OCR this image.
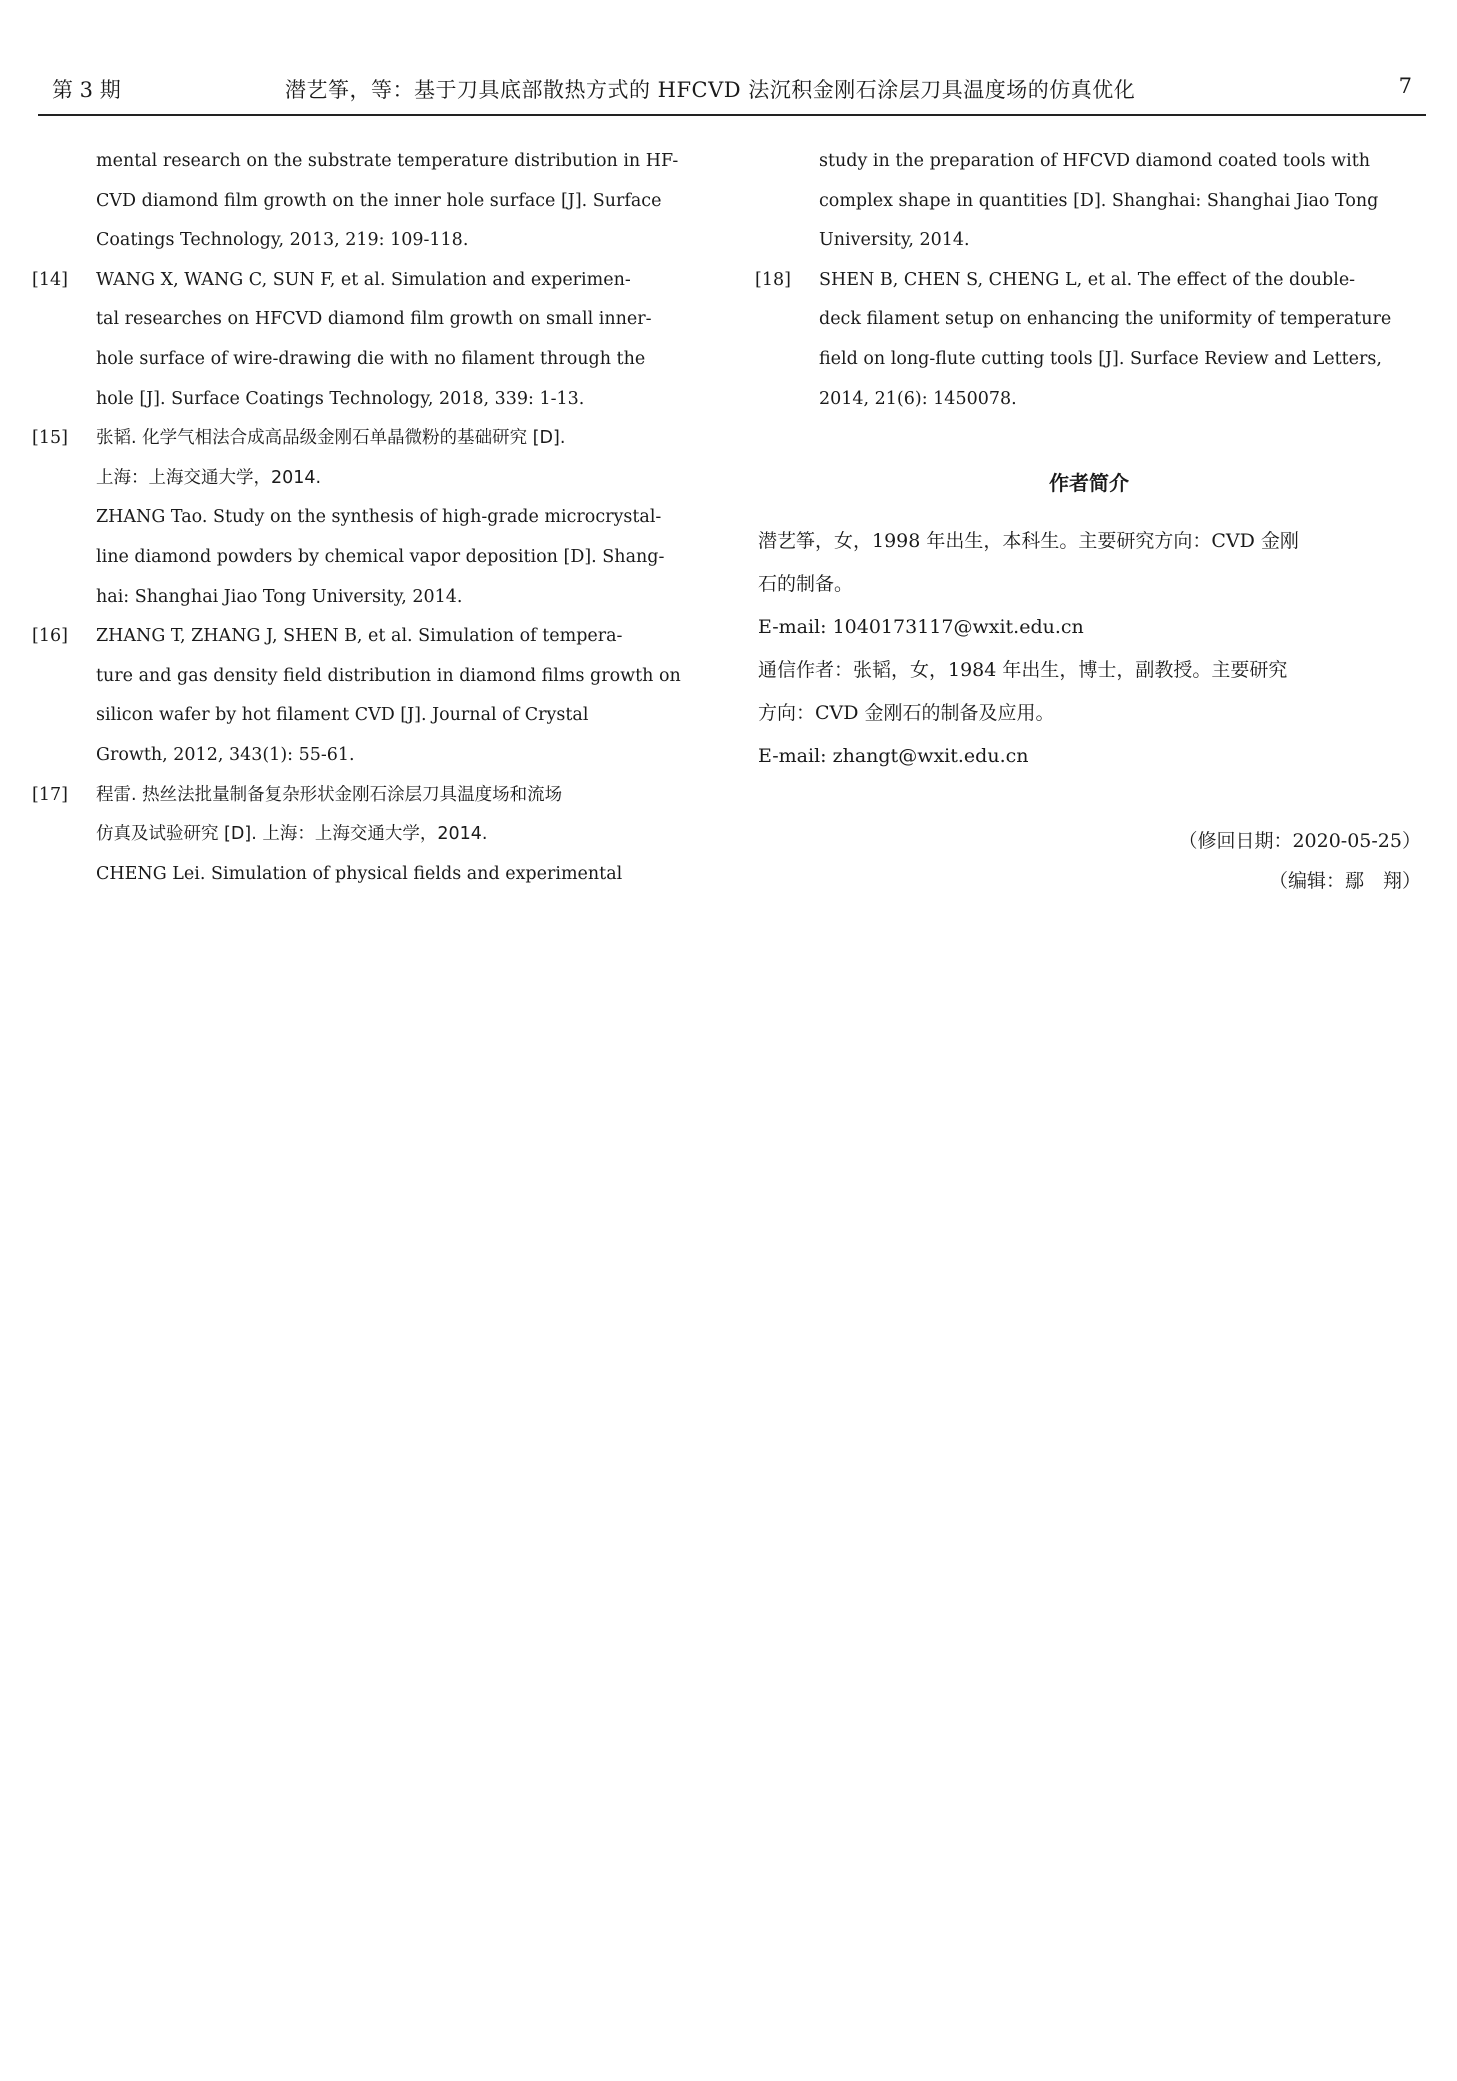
第 3 期	潜艺筝，等：基于刀具底部散热方式的 HFCVD 法沉积金刚石涂层刀具温度场的仿真优化	7

mental research on the substrate temperature distribution in HF-

CVD diamond film growth on the inner hole surface [J]. Surface

Coatings Technology, 2013, 219: 109-118.

[14] WANG X, WANG C, SUN F, et al. Simulation and experimen-

tal researches on HFCVD diamond film growth on small inner-

hole surface of wire-drawing die with no filament through the

hole [J]. Surface Coatings Technology, 2018, 339: 1-13.

[15] 张韬. 化学气相法合成高品级金刚石单晶微粉的基础研究 [D].

上海：上海交通大学，2014.

ZHANG Tao. Study on the synthesis of high-grade microcrystal-

line diamond powders by chemical vapor deposition [D]. Shang-

hai: Shanghai Jiao Tong University, 2014.

[16] ZHANG T, ZHANG J, SHEN B, et al. Simulation of tempera-

ture and gas density field distribution in diamond films growth on

silicon wafer by hot filament CVD [J]. Journal of Crystal

Growth, 2012, 343(1): 55-61.

[17] 程雷. 热丝法批量制备复杂形状金刚石涂层刀具温度场和流场

仿真及试验研究 [D]. 上海：上海交通大学，2014.

CHENG Lei. Simulation of physical fields and experimental

study in the preparation of HFCVD diamond coated tools with

complex shape in quantities [D]. Shanghai: Shanghai Jiao Tong

University, 2014.

[18] SHEN B, CHEN S, CHENG L, et al. The effect of the double-

deck filament setup on enhancing the uniformity of temperature

field on long-flute cutting tools [J]. Surface Review and Letters,

2014, 21(6): 1450078.

作者简介

潜艺筝，女，1998 年出生，本科生。主要研究方向：CVD 金刚

石的制备。

E-mail: 1040173117@wxit.edu.cn

通信作者：张韬，女，1984 年出生，博士，副教授。主要研究

方向：CVD 金刚石的制备及应用。

E-mail: zhangt@wxit.edu.cn

（修回日期：2020-05-25）
（编辑：鄢　翔）
